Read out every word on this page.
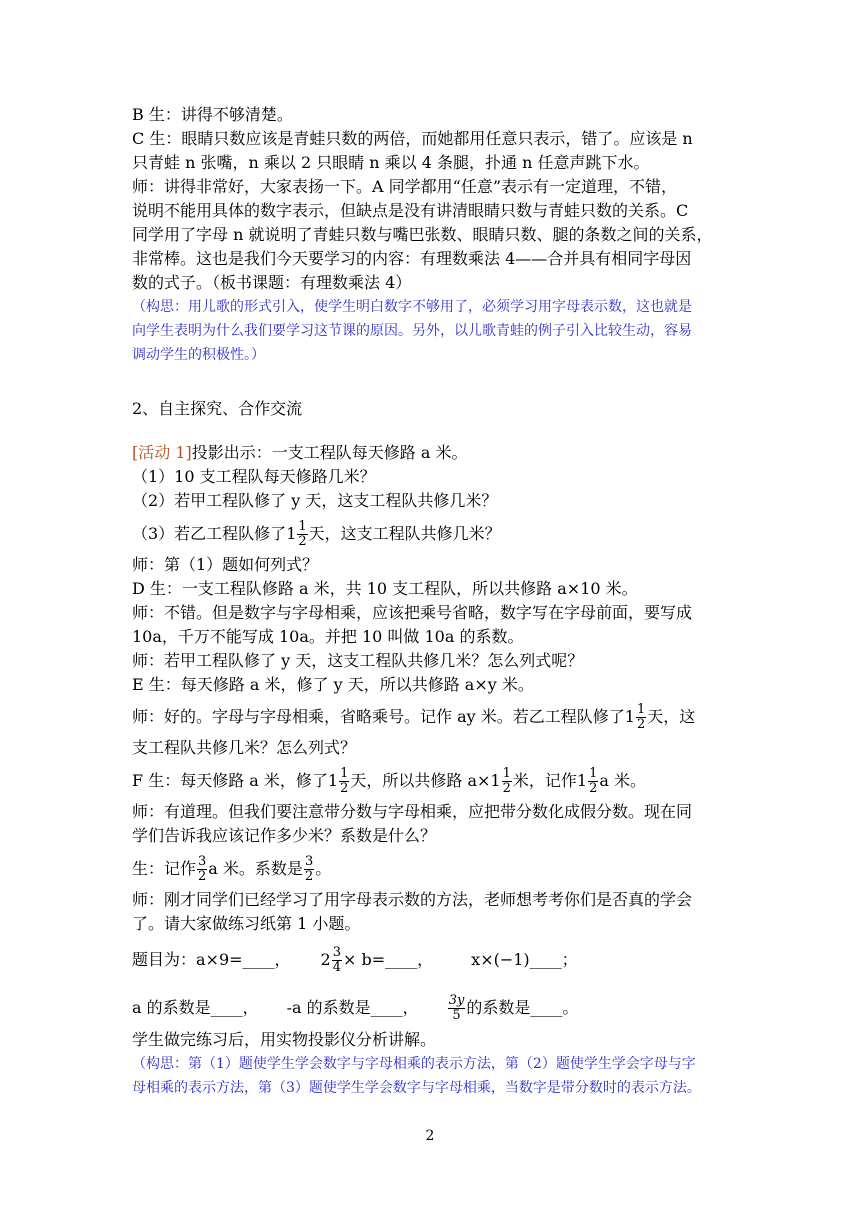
B 生：讲得不够清楚。
C 生：眼睛只数应该是青蛙只数的两倍，而她都用任意只表示，错了。应该是 n
只青蛙 n 张嘴，n 乘以 2 只眼睛 n 乘以 4 条腿，扑通 n 任意声跳下水。
师：讲得非常好，大家表扬一下。A 同学都用“任意”表示有一定道理，不错，
说明不能用具体的数字表示，但缺点是没有讲清眼睛只数与青蛙只数的关系。C
同学用了字母 n 就说明了青蛙只数与嘴巴张数、眼睛只数、腿的条数之间的关系，
非常棒。这也是我们今天要学习的内容：有理数乘法 4——合并具有相同字母因
数的式子。（板书课题：有理数乘法 4）
（构思：用儿歌的形式引入，使学生明白数字不够用了，必须学习用字母表示数，这也就是
向学生表明为什么我们要学习这节课的原因。另外，以儿歌青蛙的例子引入比较生动，容易
调动学生的积极性。）
2、自主探究、合作交流
[活动 1]投影出示：一支工程队每天修路 a 米。
（1）10 支工程队每天修路几米？
（2）若甲工程队修了 y 天，这支工程队共修几米？
（3）若乙工程队修了$1 \frac{1}{2}$ 天，这支工程队共修几米？
师：第（1）题如何列式？
D 生：一支工程队修路 a 米，共 10 支工程队，所以共修路 a×10 米。
师：不错。但是数字与字母相乘，应该把乘号省略，数字写在字母前面，要写成
10a，千万不能写成 10a。并把 10 叫做 10a 的系数。
师：若甲工程队修了 y 天，这支工程队共修几米？怎么列式呢？
E 生：每天修路 a 米，修了 y 天，所以共修路 a×y 米。
师：好的。字母与字母相乘，省略乘号。记作 ay 米。若乙工程队修了$1 \frac{1}{2}$ 天，这
支工程队共修几米？怎么列式？
F 生：每天修路 a 米，修了$1 \frac{1}{2}$ 天，所以共修路 $a\times 1 \frac{1}{2}$ 米，记作$1 \frac{1}{2}$ a 米。
师：有道理。但我们要注意带分数与字母相乘，应把带分数化成假分数。现在同
学们告诉我应该记作多少米？系数是什么？
生：记作 $\frac{3}{2}$ a 米。系数是 $\frac{3}{2}$ 。
师：刚才同学们已经学习了用字母表示数的方法，老师想考考你们是否真的学会
了。请大家做练习纸第 1 小题。
题目为：a×9=____， $2 \frac{3}{4}$ × b=____， x×(−1)____；
a 的系数是____， -a 的系数是____， $\frac{3y}{5}$ 的系数是____。
学生做完练习后，用实物投影仪分析讲解。
（构思：第（1）题使学生学会数字与字母相乘的表示方法，第（2）题使学生学会字母与字
母相乘的表示方法，第（3）题使学生学会数字与字母相乘，当数字是带分数时的表示方法。
2
